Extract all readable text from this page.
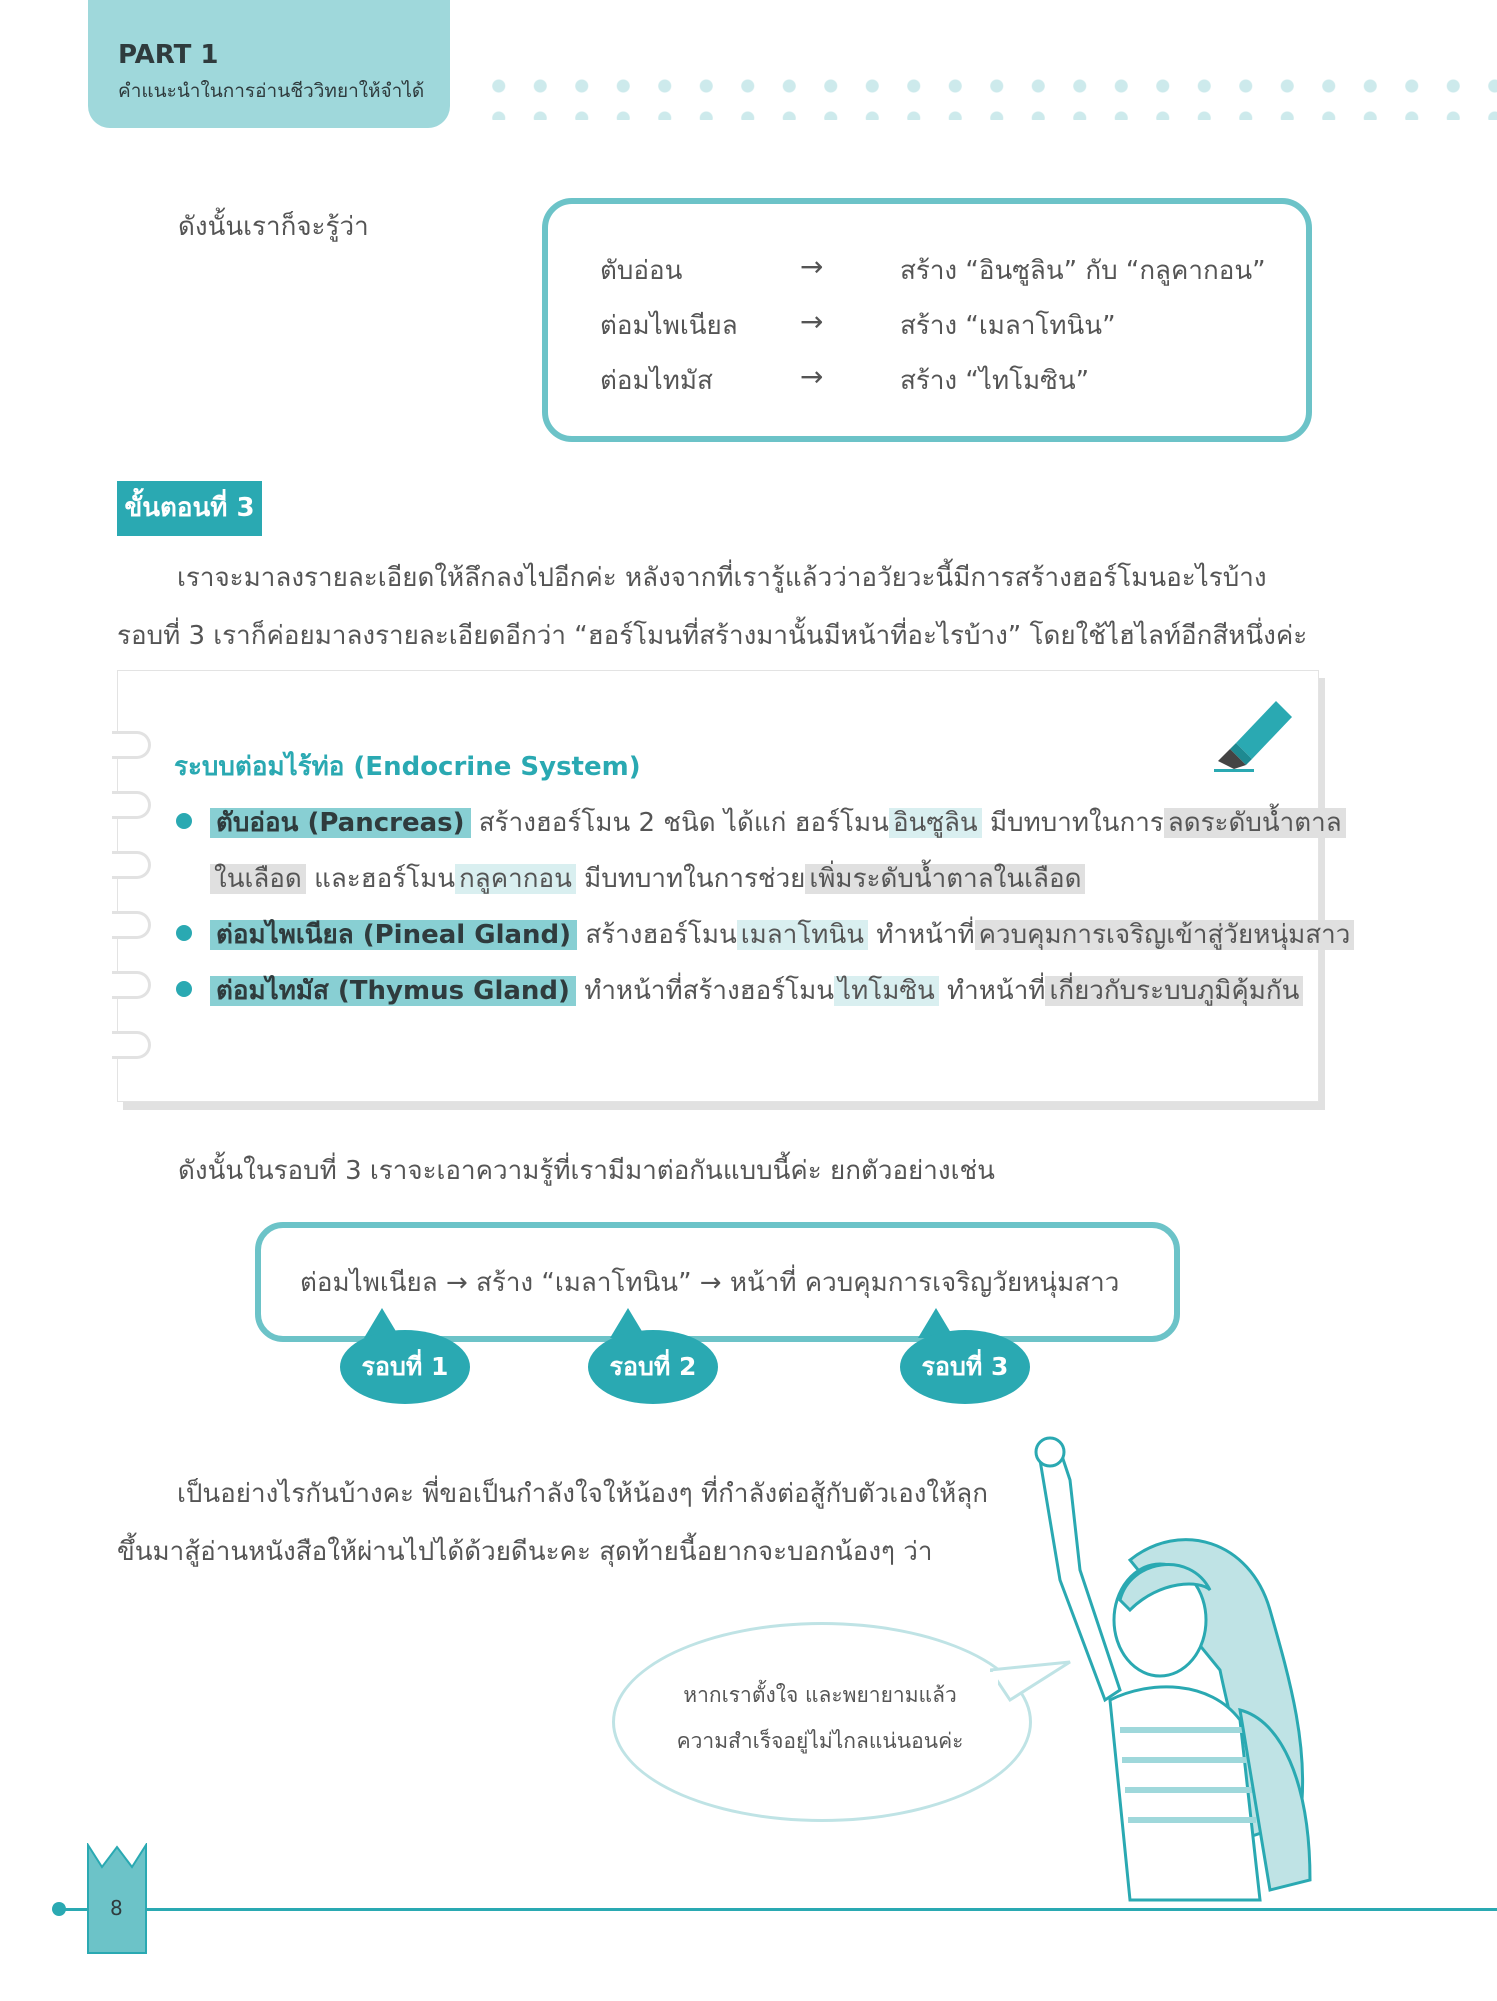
PART 1
คำแนะนำในการอ่านชีววิทยาให้จำได้
ดังนั้นเราก็จะรู้ว่า
ตับอ่อน	→	สร้าง “อินซูลิน” กับ “กลูคากอน”
ต่อมไพเนียล →	สร้าง “เมลาโทนิน”
ต่อมไทมัส	→	สร้าง “ไทโมซิน”
ขั้นตอนที่ 3
เราจะมาลงรายละเอียดให้ลึกลงไปอีกค่ะ หลังจากที่เรารู้แล้วว่าอวัยวะนี้มีการสร้างฮอร์โมนอะไรบ้าง รอบที่ 3 เราก็ค่อยมาลงรายละเอียดอีกว่า “ฮอร์โมนที่สร้างมานั้นมีหน้าที่อะไรบ้าง” โดยใช้ไฮไลท์อีกสีหนึ่งค่ะ
ระบบต่อมไร้ท่อ (Endocrine System)
ตับอ่อน (Pancreas) สร้างฮอร์โมน 2 ชนิด ได้แก่ ฮอร์โมน อินซูลิน มีบทบาทในการ ลดระดับน้ำตาล
ในเลือด และฮอร์โมน กลูคากอน มีบทบาทในการช่วย เพิ่มระดับน้ำตาลในเลือด
ต่อมไพเนียล (Pineal Gland) สร้างฮอร์โมน เมลาโทนิน ทำหน้าที่ ควบคุมการเจริญเข้าสู่วัยหนุ่มสาว
ต่อมไทมัส (Thymus Gland) ทำหน้าที่สร้างฮอร์โมน ไทโมซิน ทำหน้าที่ เกี่ยวกับระบบภูมิคุ้มกัน
ดังนั้นในรอบที่ 3 เราจะเอาความรู้ที่เรามีมาต่อกันแบบนี้ค่ะ ยกตัวอย่างเช่น
ต่อมไพเนียล → สร้าง “เมลาโทนิน” → หน้าที่ ควบคุมการเจริญวัยหนุ่มสาว
รอบที่ 1	รอบที่ 2	รอบที่ 3
เป็นอย่างไรกันบ้างคะ พี่ขอเป็นกำลังใจให้น้องๆ ที่กำลังต่อสู้กับตัวเองให้ลุกขึ้นมาสู้อ่านหนังสือให้ผ่านไปได้ด้วยดีนะคะ สุดท้ายนี้อยากจะบอกน้องๆ ว่า
หากเราตั้งใจ และพยายามแล้ว
ความสำเร็จอยู่ไม่ไกลแน่นอนค่ะ
8
